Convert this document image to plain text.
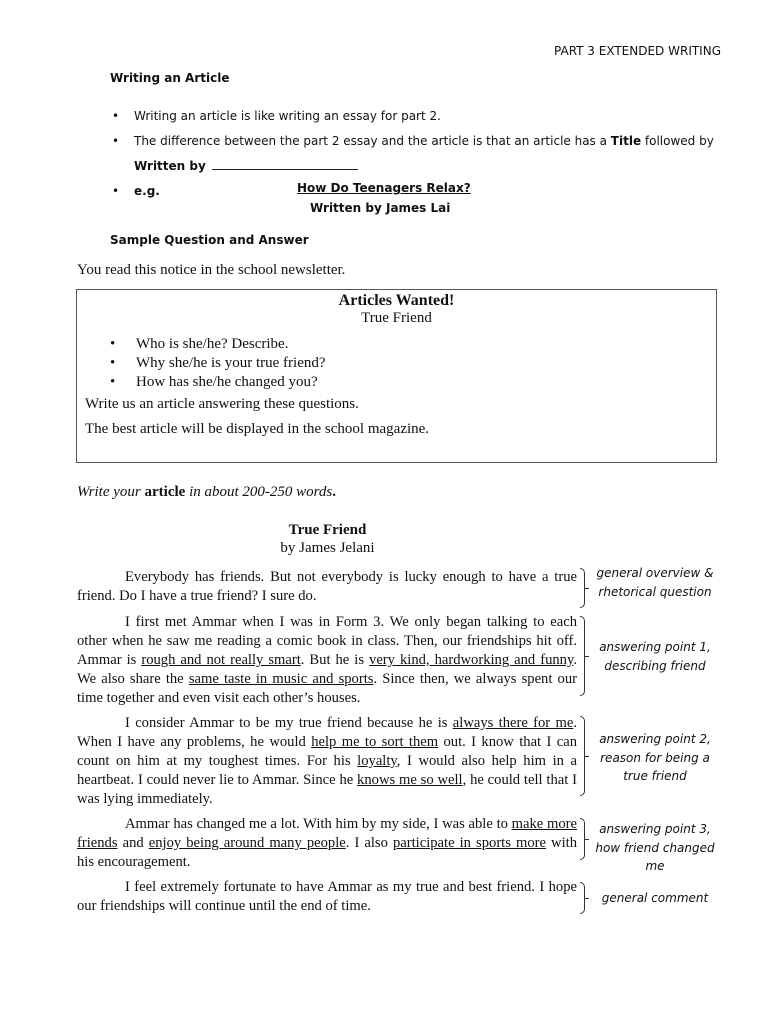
PART 3 EXTENDED WRITING
Writing an Article
• Writing an article is like writing an essay for part 2.
• The difference between the part 2 essay and the article is that an article has a Title followed by
Written by
• e.g.	How Do Teenagers Relax?
Written by James Lai
Sample Question and Answer
You read this notice in the school newsletter.
Articles Wanted!
True Friend
• Who is she/he? Describe.
• Why she/he is your true friend?
• How has she/he changed you?
Write us an article answering these questions.
The best article will be displayed in the school magazine.
Write your article in about 200-250 words.
True Friend
by James Jelani

Everybody has friends. But not everybody is lucky enough to have a true friend. Do I have a true friend? I sure do.

I first met Ammar when I was in Form 3. We only began talking to each other when he saw me reading a comic book in class. Then, our friendships hit off. Ammar is rough and not really smart. But he is very kind, hardworking and funny. We also share the same taste in music and sports. Since then, we always spent our time together and even visit each other’s houses.

I consider Ammar to be my true friend because he is always there for me. When I have any problems, he would help me to sort them out. I know that I can count on him at my toughest times. For his loyalty, I would also help him in a heartbeat. I could never lie to Ammar. Since he knows me so well, he could tell that I was lying immediately.

Ammar has changed me a lot. With him by my side, I was able to make more friends and enjoy being around many people. I also participate in sports more with his encouragement.

I feel extremely fortunate to have Ammar as my true and best friend. I hope our friendships will continue until the end of time.

general overview & rhetorical question
answering point 1, describing friend
answering point 2, reason for being a true friend
answering point 3, how friend changed me
general comment
